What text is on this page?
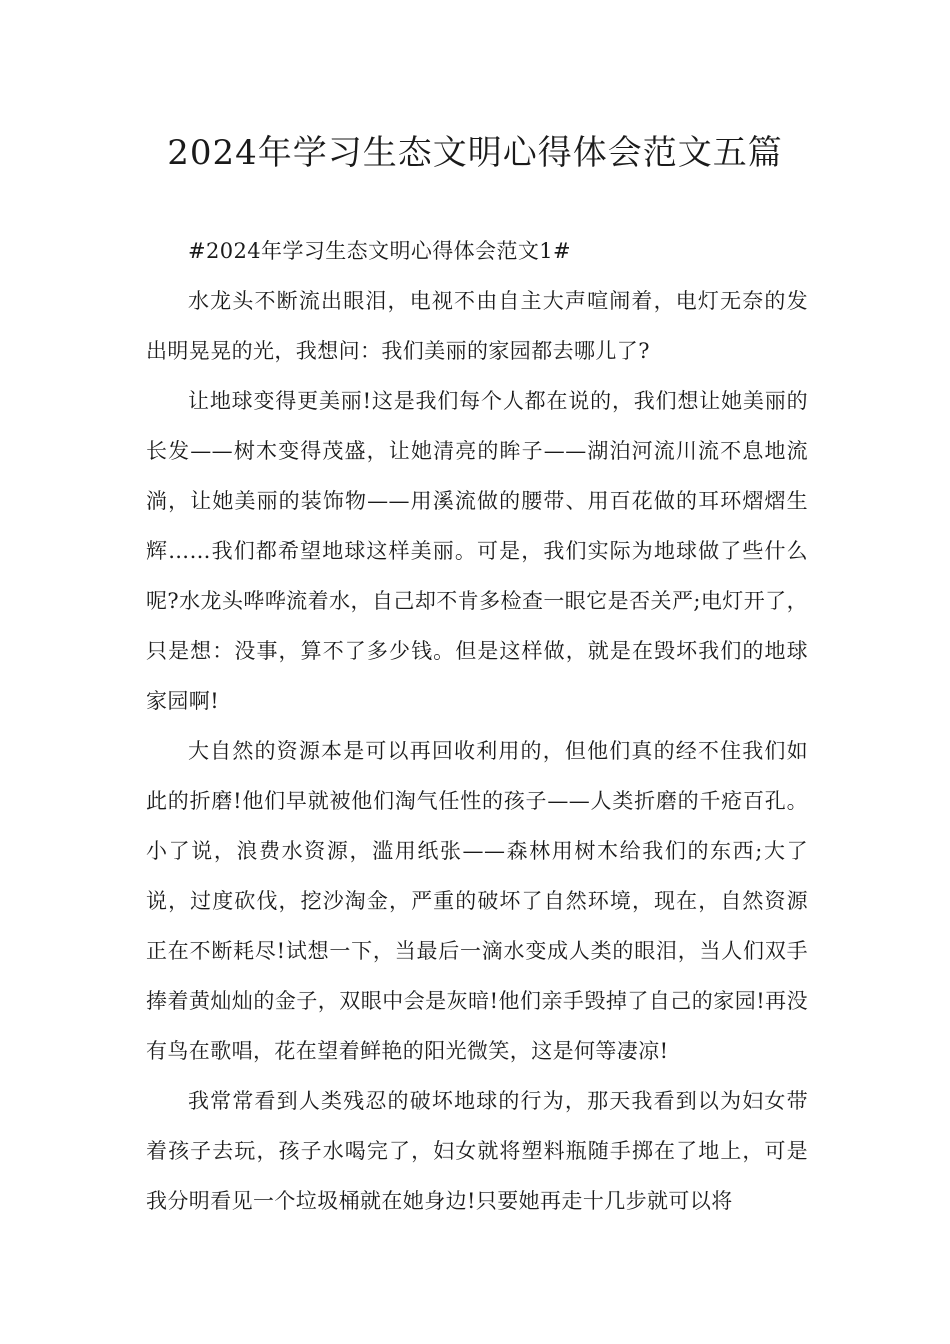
2024年学习生态文明心得体会范文五篇

#2024年学习生态文明心得体会范文1#

水龙头不断流出眼泪，电视不由自主大声喧闹着，电灯无奈的发出明晃晃的光，我想问：我们美丽的家园都去哪儿了?

让地球变得更美丽!这是我们每个人都在说的，我们想让她美丽的长发——树木变得茂盛，让她清亮的眸子——湖泊河流川流不息地流淌，让她美丽的装饰物——用溪流做的腰带、用百花做的耳环熠熠生辉……我们都希望地球这样美丽。可是，我们实际为地球做了些什么呢?水龙头哗哗流着水，自己却不肯多检查一眼它是否关严;电灯开了，只是想：没事，算不了多少钱。但是这样做，就是在毁坏我们的地球家园啊!

大自然的资源本是可以再回收利用的，但他们真的经不住我们如此的折磨!他们早就被他们淘气任性的孩子——人类折磨的千疮百孔。小了说，浪费水资源，滥用纸张——森林用树木给我们的东西;大了说，过度砍伐，挖沙淘金，严重的破坏了自然环境，现在，自然资源正在不断耗尽!试想一下，当最后一滴水变成人类的眼泪，当人们双手捧着黄灿灿的金子，双眼中会是灰暗!他们亲手毁掉了自己的家园!再没有鸟在歌唱，花在望着鲜艳的阳光微笑，这是何等凄凉!

我常常看到人类残忍的破坏地球的行为，那天我看到以为妇女带着孩子去玩，孩子水喝完了，妇女就将塑料瓶随手掷在了地上，可是我分明看见一个垃圾桶就在她身边!只要她再走十几步就可以将
